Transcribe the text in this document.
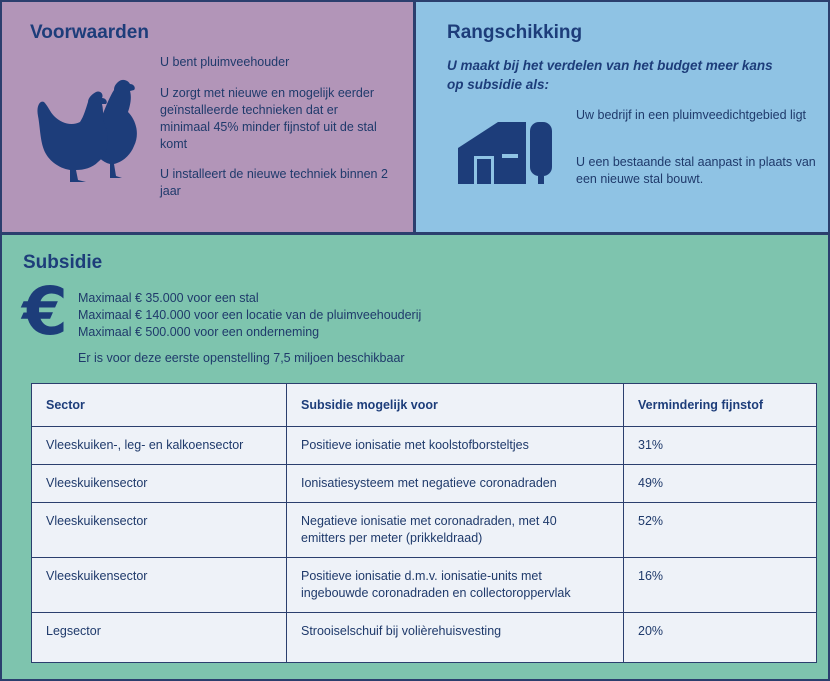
Voorwaarden
U bent pluimveehouder
U zorgt met nieuwe en mogelijk eerder geïnstalleerde technieken dat er minimaal 45% minder fijnstof uit de stal komt
U installeert de nieuwe techniek binnen 2 jaar
Rangschikking
U maakt bij het verdelen van het budget meer kans op subsidie als:
Uw bedrijf in een pluimveedichtgebied ligt
U een bestaande stal aanpast in plaats van een nieuwe stal bouwt.
Subsidie
€ Maximaal € 35.000 voor een stal
Maximaal € 140.000 voor een locatie van de pluimveehouderij
Maximaal € 500.000 voor een onderneming
Er is voor deze eerste openstelling 7,5 miljoen beschikbaar
Sector	Subsidie mogelijk voor	Vermindering fijnstof
Vleeskuiken-, leg- en kalkoensector	Positieve ionisatie met koolstofborsteltjes	31%
Vleeskuikensector	Ionisatiesysteem met negatieve coronadraden	49%
Vleeskuikensector	Negatieve ionisatie met coronadraden, met 40 emitters per meter (prikkeldraad)	52%
Vleeskuikensector	Positieve ionisatie d.m.v. ionisatie-units met ingebouwde coronadraden en collectoroppervlak	16%
Legsector	Strooiselschuif bij volièrehuisvesting	20%
